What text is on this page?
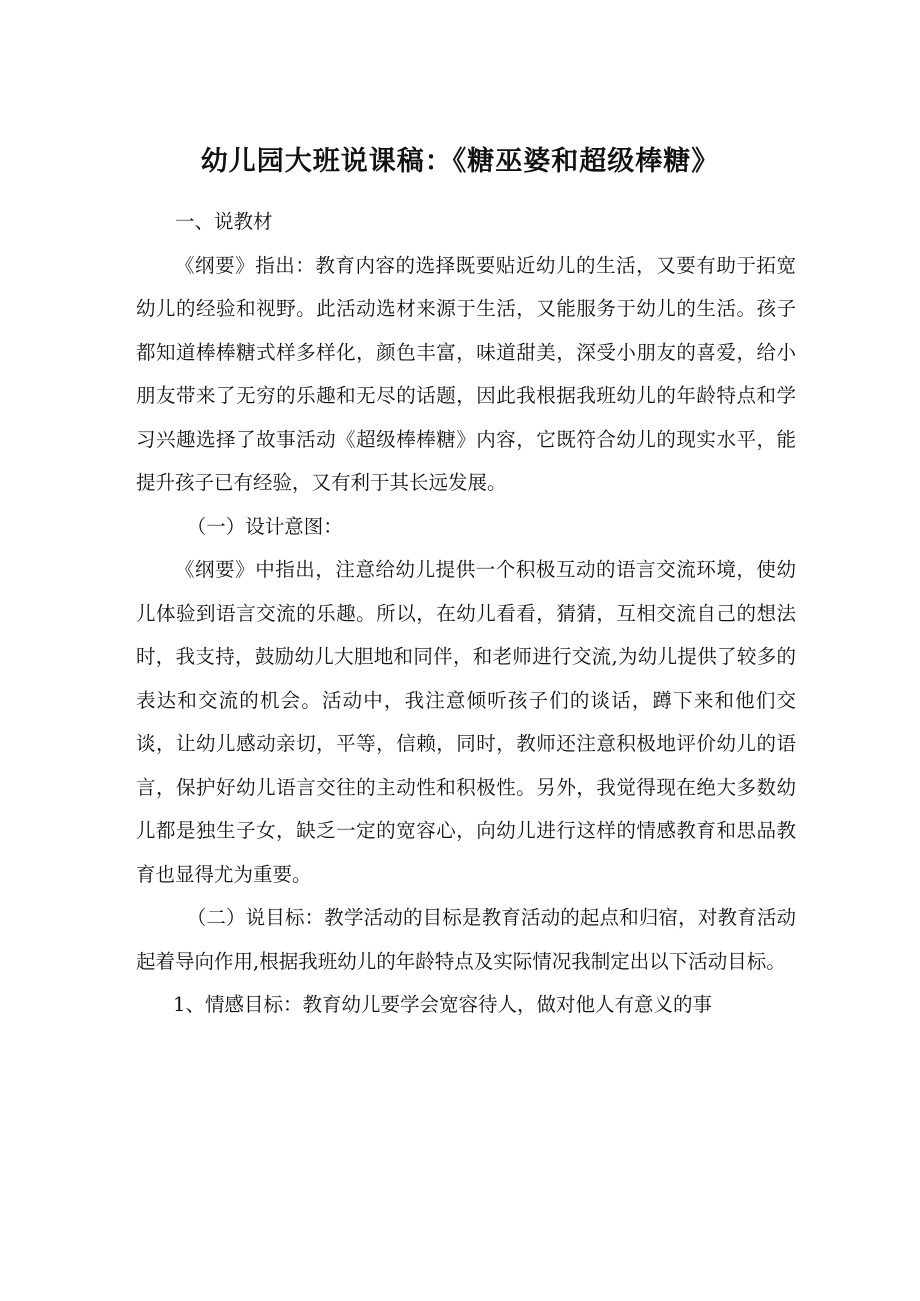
幼儿园大班说课稿：《糖巫婆和超级棒糖》

一、说教材

《纲要》指出：教育内容的选择既要贴近幼儿的生活，又要有助于拓宽幼儿的经验和视野。此活动选材来源于生活，又能服务于幼儿的生活。孩子都知道棒棒糖式样多样化，颜色丰富，味道甜美，深受小朋友的喜爱，给小朋友带来了无穷的乐趣和无尽的话题，因此我根据我班幼儿的年龄特点和学习兴趣选择了故事活动《超级棒棒糖》内容，它既符合幼儿的现实水平，能提升孩子已有经验，又有利于其长远发展。

（一）设计意图：

《纲要》中指出，注意给幼儿提供一个积极互动的语言交流环境，使幼儿体验到语言交流的乐趣。所以，在幼儿看看，猜猜，互相交流自己的想法时，我支持，鼓励幼儿大胆地和同伴，和老师进行交流,为幼儿提供了较多的表达和交流的机会。活动中，我注意倾听孩子们的谈话，蹲下来和他们交谈，让幼儿感动亲切，平等，信赖，同时，教师还注意积极地评价幼儿的语言，保护好幼儿语言交往的主动性和积极性。另外，我觉得现在绝大多数幼儿都是独生子女，缺乏一定的宽容心，向幼儿进行这样的情感教育和思品教育也显得尤为重要。

（二）说目标：教学活动的目标是教育活动的起点和归宿，对教育活动起着导向作用,根据我班幼儿的年龄特点及实际情况我制定出以下活动目标。

1、情感目标：教育幼儿要学会宽容待人，做对他人有意义的事
